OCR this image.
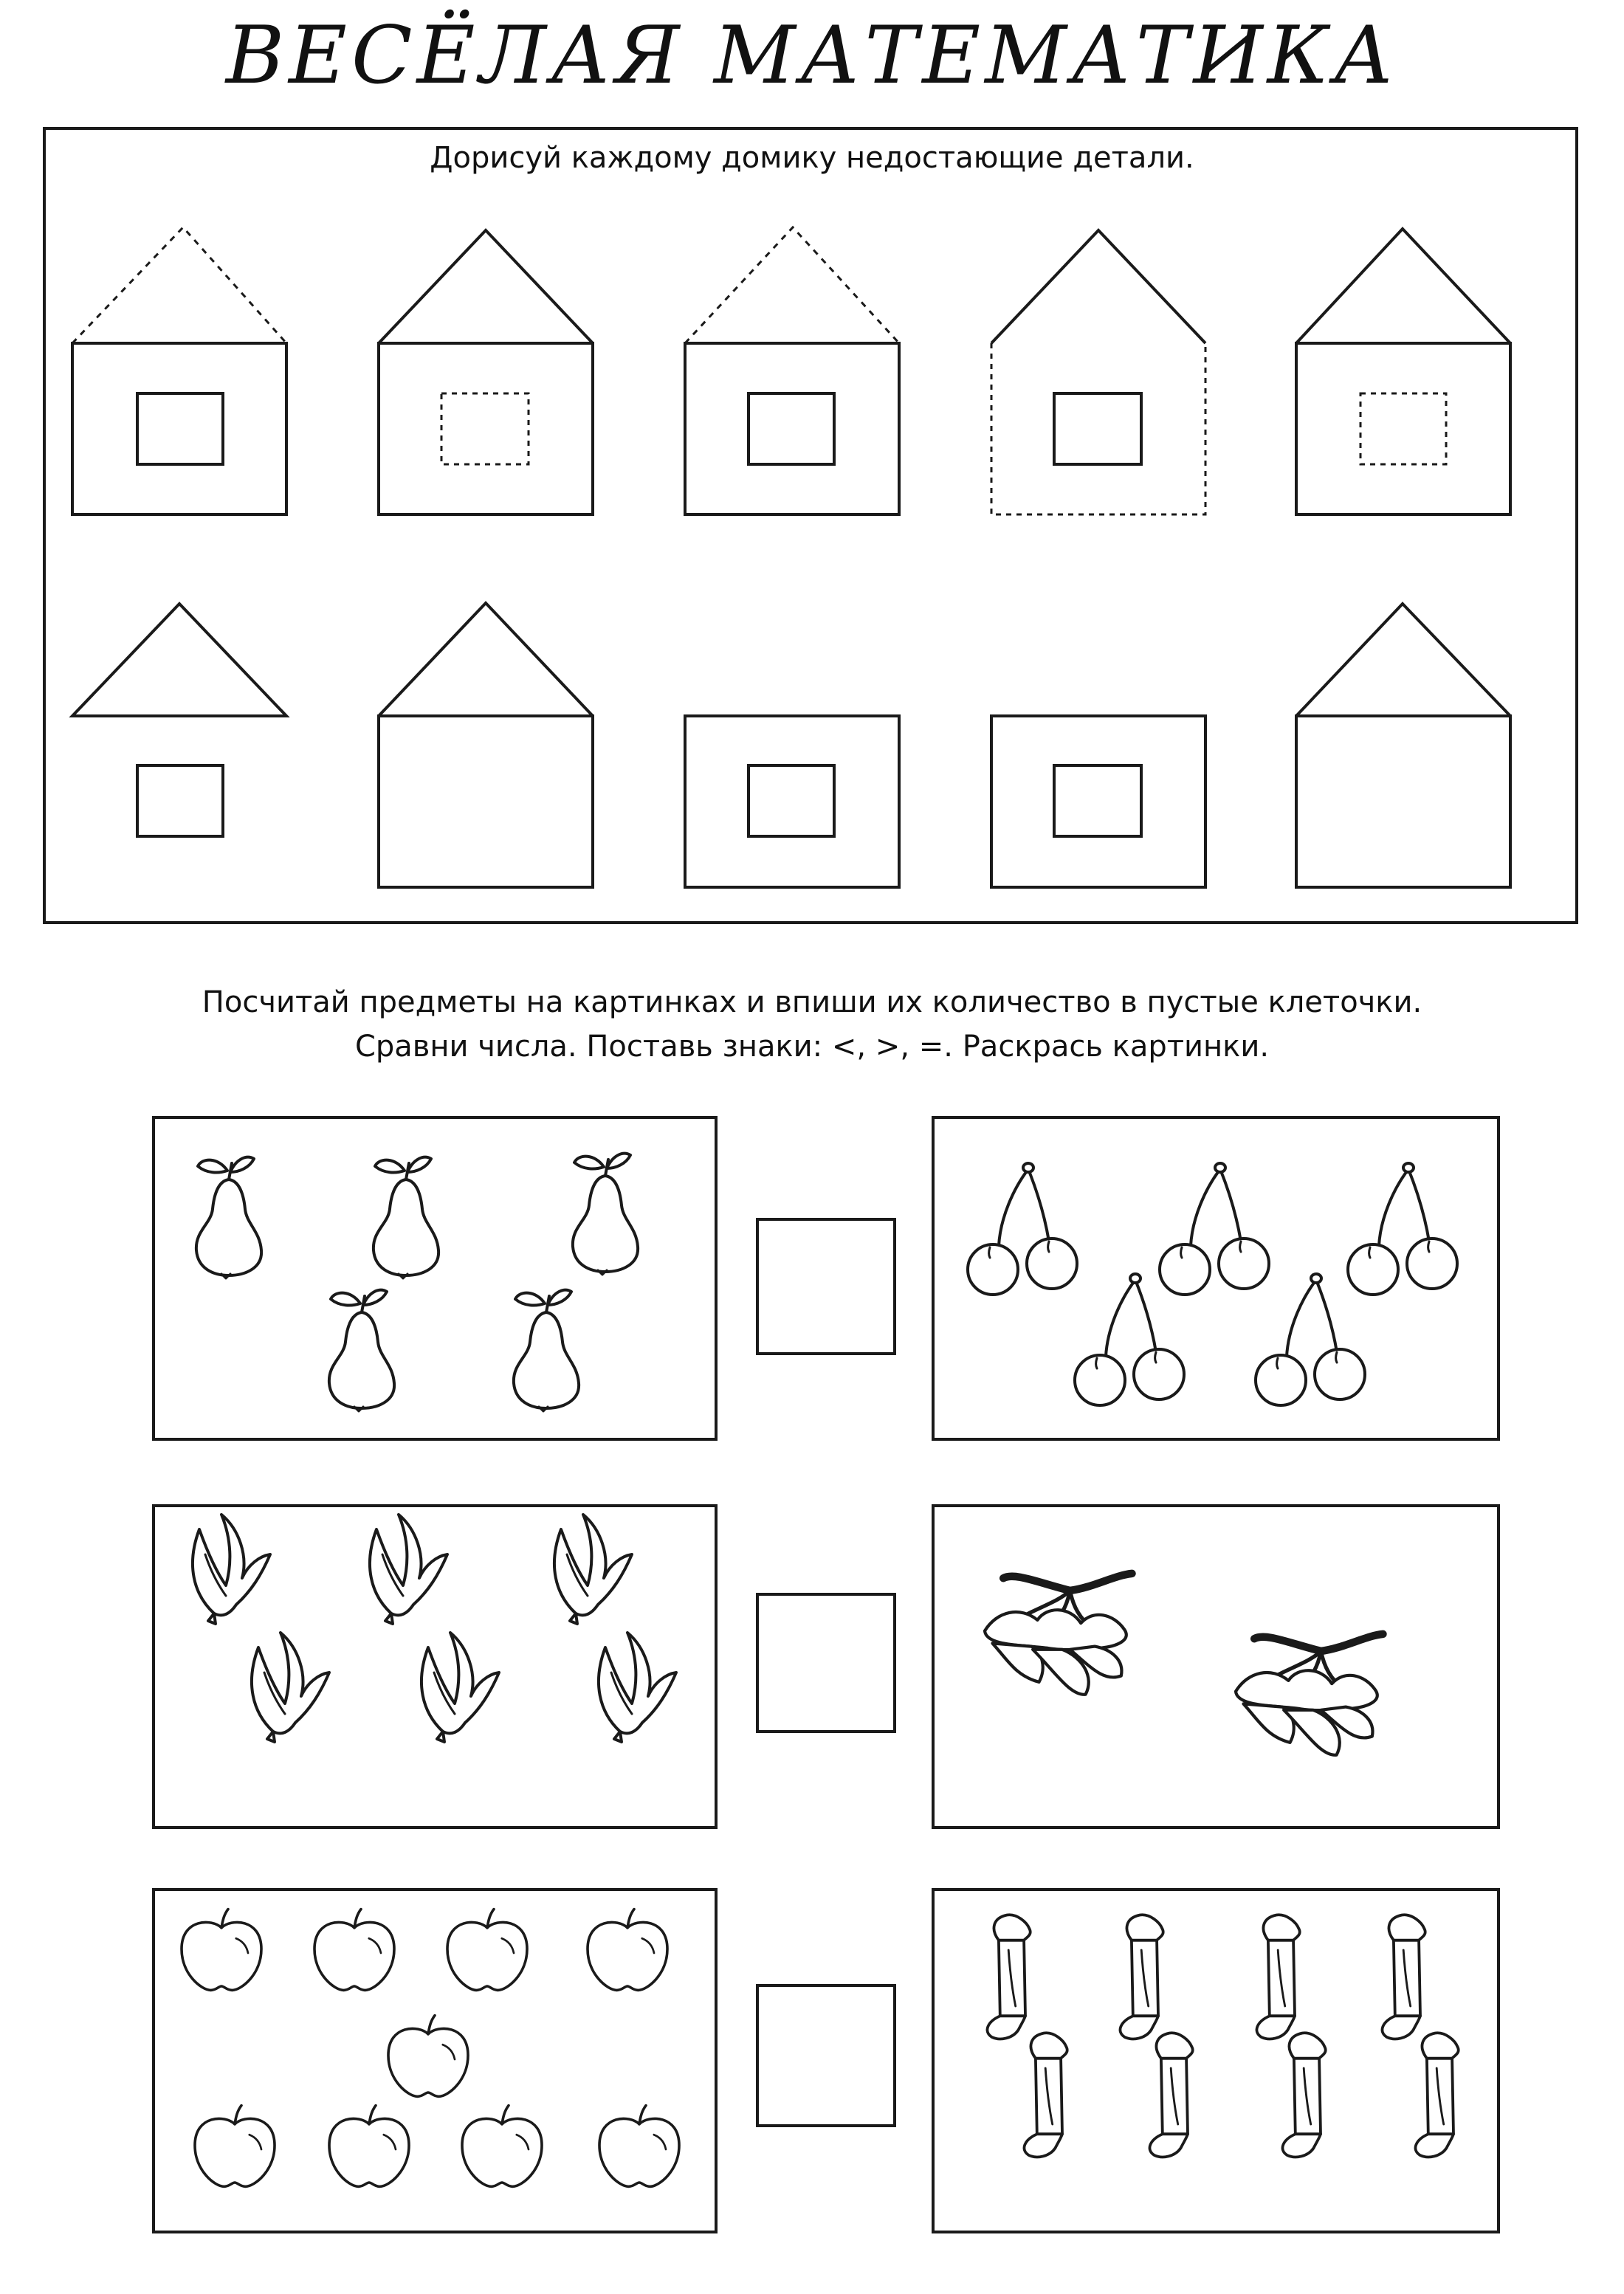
ВЕСЁЛАЯ МАТЕМАТИКА
Дорисуй каждому домику недостающие детали.
Посчитай предметы на картинках и впиши их количество в пустые клеточки.
Сравни числа. Поставь знаки: <, >, =. Раскрась картинки.
